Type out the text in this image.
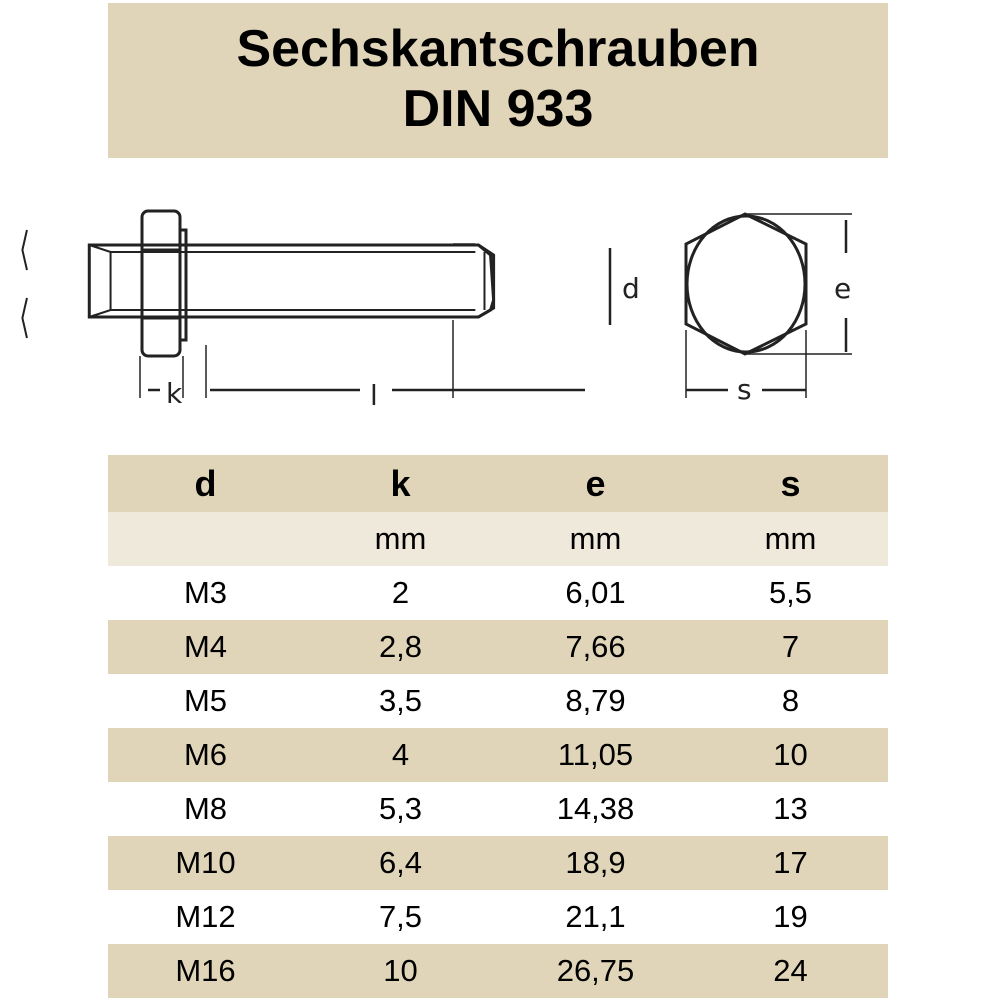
Sechskantschrauben
DIN 933
k	l
d	e
s
d	k	e	s
	mm	mm	mm
M3	2	6,01	5,5
M4	2,8	7,66	7
M5	3,5	8,79	8
M6	4	11,05	10
M8	5,3	14,38	13
M10	6,4	18,9	17
M12	7,5	21,1	19
M16	10	26,75	24
